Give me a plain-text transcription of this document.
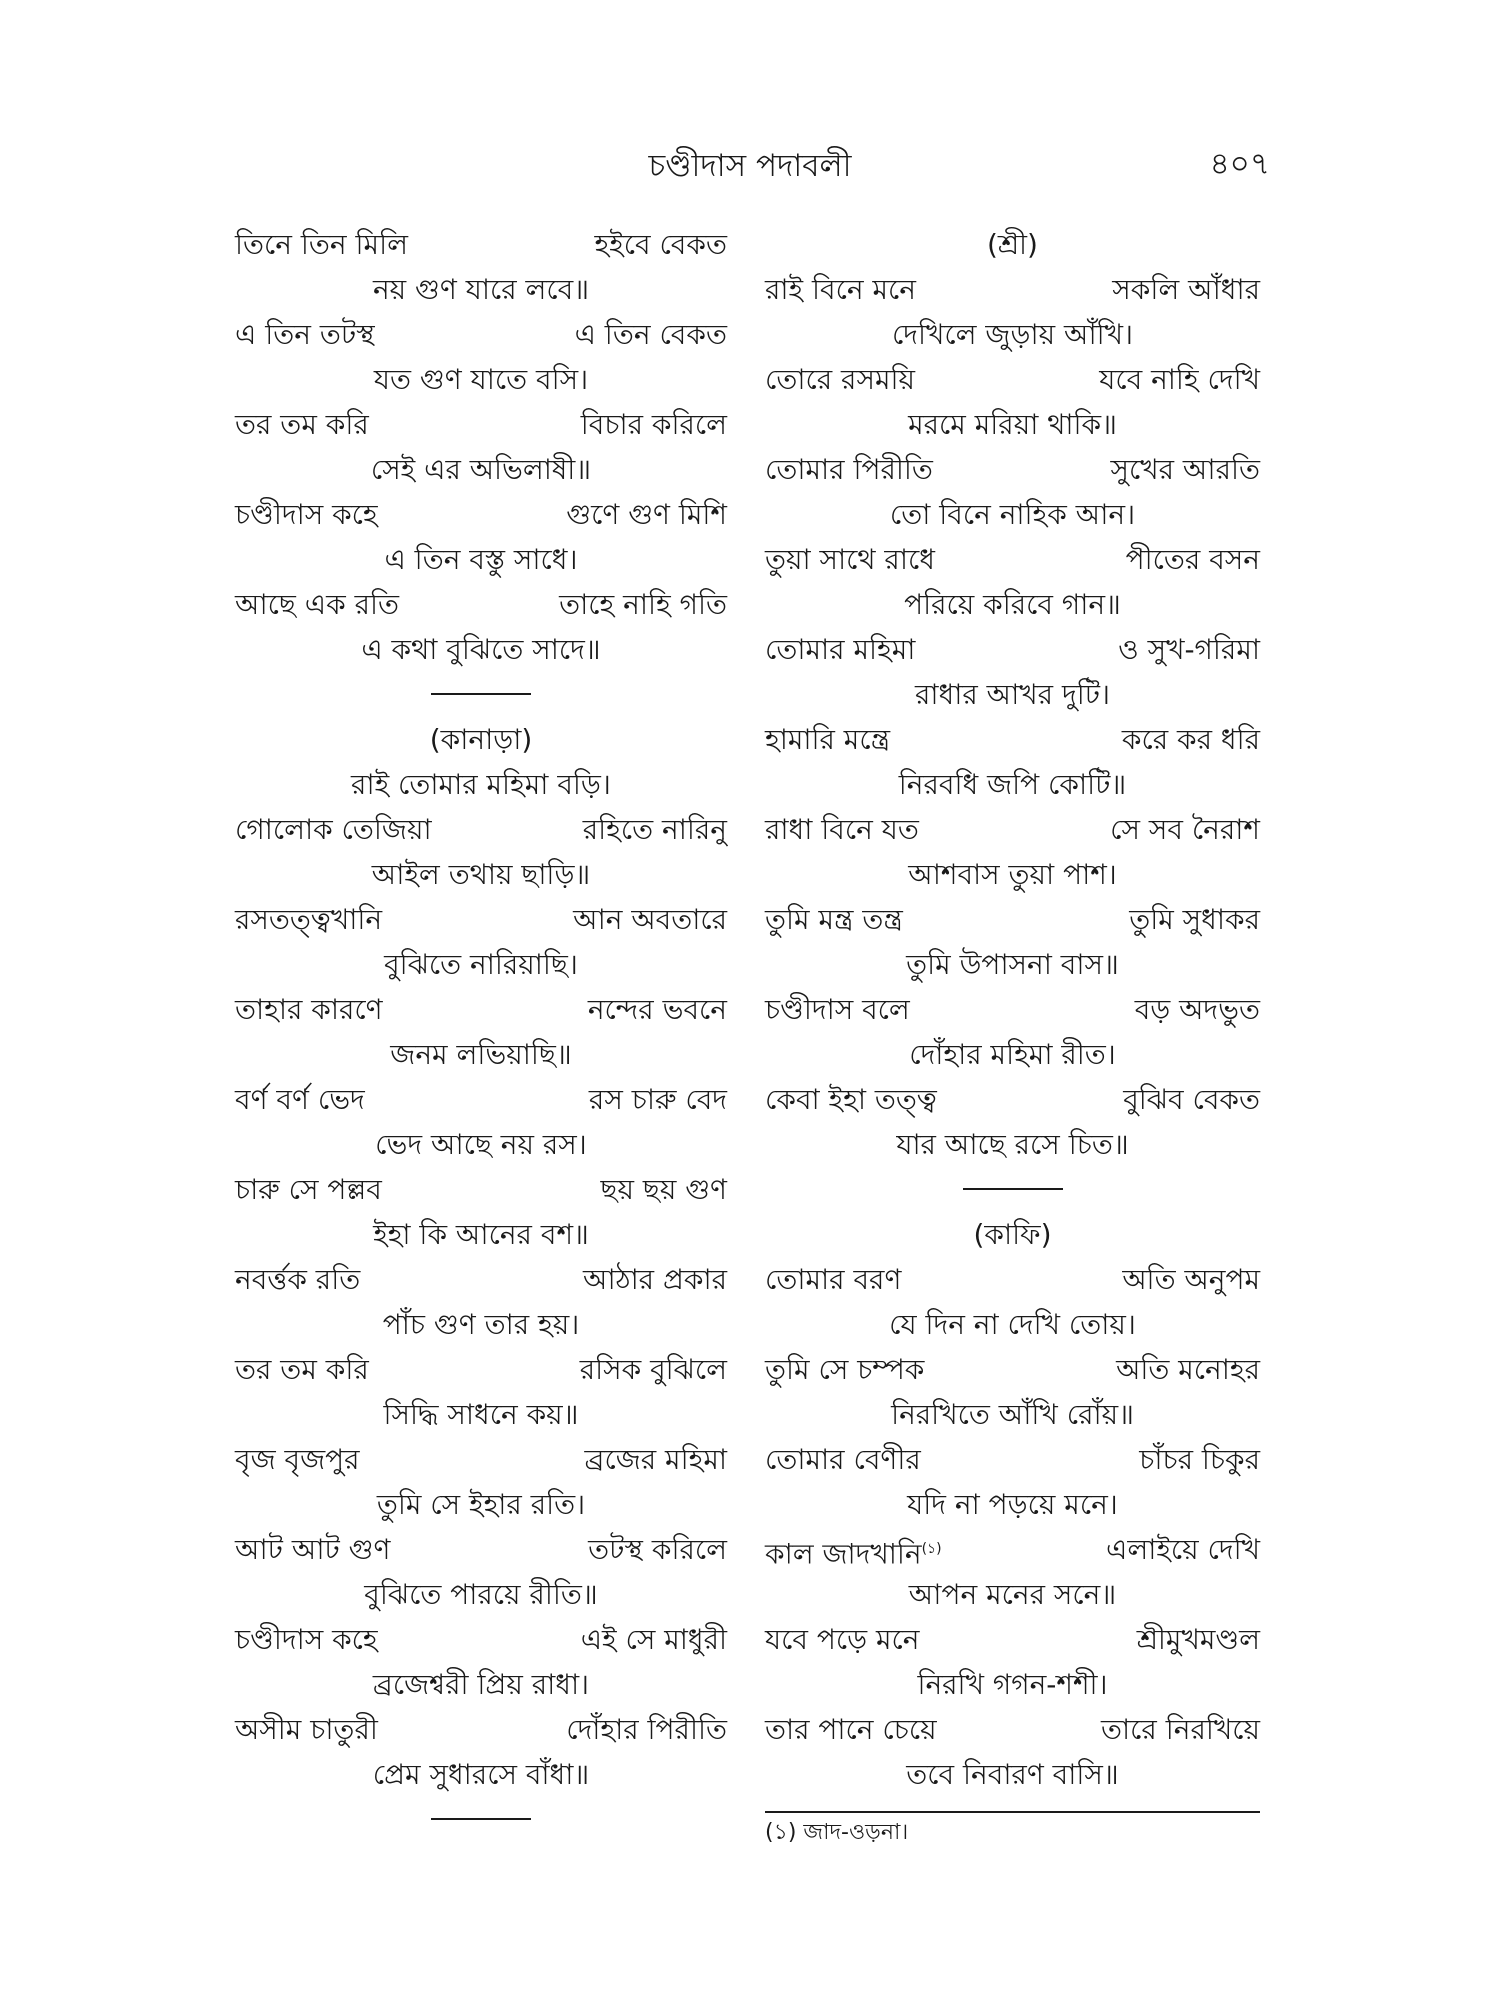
চণ্ডীদাস পদাবলী	৪০৭
তিনে তিন মিলি	হইবে বেকত
নয় গুণ যারে লবে॥
এ তিন তটস্থ	এ তিন বেকত
যত গুণ যাতে বসি।
তর তম করি	বিচার করিলে
সেই এর অভিলাষী॥
চণ্ডীদাস কহে	গুণে গুণ মিশি
এ তিন বস্তু সাধে।
আছে এক রতি	তাহে নাহি গতি
এ কথা বুঝিতে সাদে॥
(কানাড়া)
রাই তোমার মহিমা বড়ি।
গোলোক তেজিয়া	রহিতে নারিনু
আইল তথায় ছাড়ি॥
রসতত্ত্বখানি	আন অবতারে
বুঝিতে নারিয়াছি।
তাহার কারণে	নন্দের ভবনে
জনম লভিয়াছি॥
বর্ণ বর্ণ ভেদ	রস চারু বেদ
ভেদ আছে নয় রস।
চারু সে পল্লব	ছয় ছয় গুণ
ইহা কি আনের বশ॥
নবর্ত্তক রতি	আঠার প্রকার
পাঁচ গুণ তার হয়।
তর তম করি	রসিক বুঝিলে
সিদ্ধি সাধনে কয়॥
বৃজ বৃজপুর	ব্রজের মহিমা
তুমি সে ইহার রতি।
আট আট গুণ	তটস্থ করিলে
বুঝিতে পারয়ে রীতি॥
চণ্ডীদাস কহে	এই সে মাধুরী
ব্রজেশ্বরী প্রিয় রাধা।
অসীম চাতুরী	দোঁহার পিরীতি
প্রেম সুধারসে বাঁধা॥
(শ্রী)
রাই বিনে মনে	সকলি আঁধার
দেখিলে জুড়ায় আঁখি।
তোরে রসময়ি	যবে নাহি দেখি
মরমে মরিয়া থাকি॥
তোমার পিরীতি	সুখের আরতি
তো বিনে নাহিক আন।
তুয়া সাথে রাধে	পীতের বসন
পরিয়ে করিবে গান॥
তোমার মহিমা	ও সুখ-গরিমা
রাধার আখর দুটি।
হামারি মন্ত্রে	করে কর ধরি
নিরবধি জপি কোটি॥
রাধা বিনে যত	সে সব নৈরাশ
আশবাস তুয়া পাশ।
তুমি মন্ত্র তন্ত্র	তুমি সুধাকর
তুমি উপাসনা বাস॥
চণ্ডীদাস বলে	বড় অদভুত
দোঁহার মহিমা রীত।
কেবা ইহা তত্ত্ব	বুঝিব বেকত
যার আছে রসে চিত॥
(কাফি)
তোমার বরণ	অতি অনুপম
যে দিন না দেখি তোয়।
তুমি সে চম্পক	অতি মনোহর
নিরখিতে আঁখি রোঁয়॥
তোমার বেণীর	চাঁচর চিকুর
যদি না পড়য়ে মনে।
কাল জাদখানি$^{(১)}$	এলাইয়ে দেখি
আপন মনের সনে॥
যবে পড়ে মনে	শ্রীমুখমণ্ডল
নিরখি গগন-শশী।
তার পানে চেয়ে	তারে নিরখিয়ে
তবে নিবারণ বাসি॥
(১) জাদ-ওড়না।
